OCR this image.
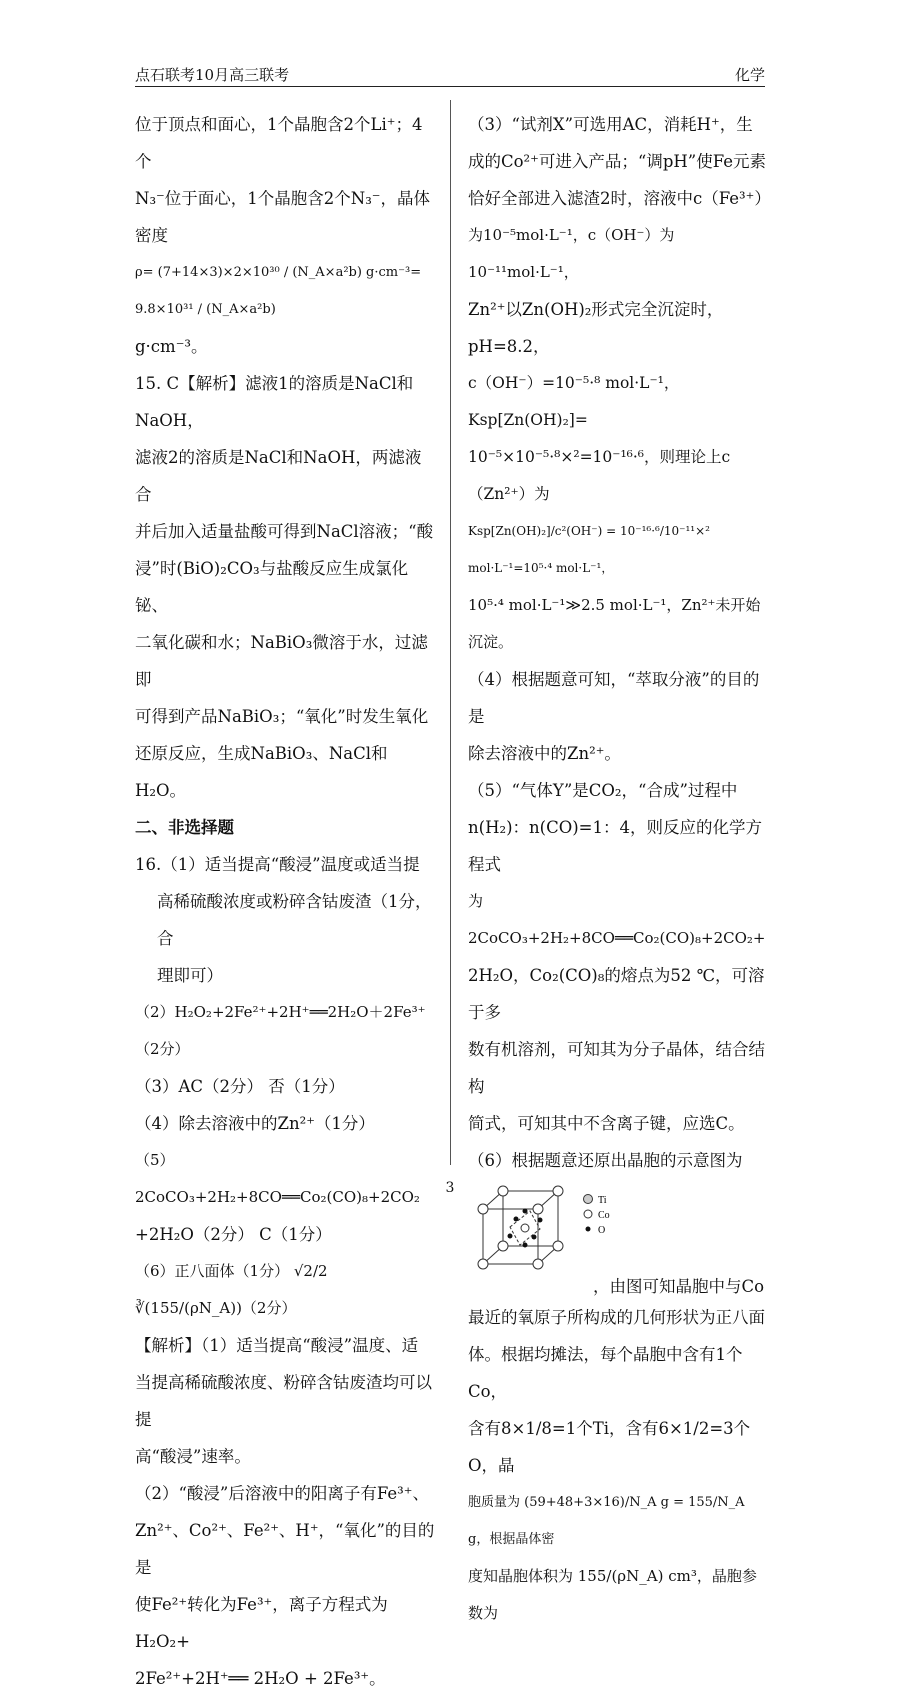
点石联考10月高三联考	化学

位于顶点和面心，1个晶胞含2个Li⁺；4个

N₃⁻位于面心，1个晶胞含2个N₃⁻，晶体密度

ρ= (7+14×3)×2×10³⁰ / (N_A×a²b) g·cm⁻³= 9.8×10³¹ / (N_A×a²b)

g·cm⁻³。

15. C【解析】滤液1的溶质是NaCl和NaOH，

滤液2的溶质是NaCl和NaOH，两滤液合

并后加入适量盐酸可得到NaCl溶液；“酸

浸”时(BiO)₂CO₃与盐酸反应生成氯化铋、

二氧化碳和水；NaBiO₃微溶于水，过滤即

可得到产品NaBiO₃；“氧化”时发生氧化

还原反应，生成NaBiO₃、NaCl和H₂O。

二、非选择题

16.（1）适当提高“酸浸”温度或适当提

高稀硫酸浓度或粉碎含钴废渣（1分，合

理即可）

（2）H₂O₂+2Fe²⁺+2H⁺══2H₂O＋2Fe³⁺（2分）

（3）AC（2分） 否（1分）

（4）除去溶液中的Zn²⁺（1分）

（5） 2CoCO₃+2H₂+8CO══Co₂(CO)₈+2CO₂

+2H₂O（2分） C（1分）

（6）正八面体（1分） √2/2 ∛(155/(ρN_A))（2分）

【解析】（1）适当提高“酸浸”温度、适

当提高稀硫酸浓度、粉碎含钴废渣均可以提

高“酸浸”速率。

（2）“酸浸”后溶液中的阳离子有Fe³⁺、

Zn²⁺、Co²⁺、Fe²⁺、H⁺，“氧化”的目的是

使Fe²⁺转化为Fe³⁺，离子方程式为H₂O₂+

2Fe²⁺+2H⁺══ 2H₂O + 2Fe³⁺。

（3）“试剂X”可选用AC，消耗H⁺，生

成的Co²⁺可进入产品；“调pH”使Fe元素

恰好全部进入滤渣2时，溶液中c（Fe³⁺）

为10⁻⁵mol·L⁻¹，c（OH⁻）为10⁻¹¹mol·L⁻¹，

Zn²⁺以Zn(OH)₂形式完全沉淀时，pH=8.2，

c（OH⁻）=10⁻⁵·⁸ mol·L⁻¹，Ksp[Zn(OH)₂]=

10⁻⁵×10⁻⁵·⁸×²=10⁻¹⁶·⁶，则理论上c（Zn²⁺）为

Ksp[Zn(OH)₂]/c²(OH⁻) = 10⁻¹⁶·⁶/10⁻¹¹×² mol·L⁻¹=10⁵·⁴ mol·L⁻¹，

10⁵·⁴ mol·L⁻¹≫2.5 mol·L⁻¹，Zn²⁺未开始沉淀。

（4）根据题意可知，“萃取分液”的目的是

除去溶液中的Zn²⁺。

（5）“气体Y”是CO₂，“合成”过程中

n(H₂)：n(CO)=1：4，则反应的化学方程式

为 2CoCO₃+2H₂+8CO══Co₂(CO)₈+2CO₂+

2H₂O，Co₂(CO)₈的熔点为52 ℃，可溶于多

数有机溶剂，可知其为分子晶体，结合结构

简式，可知其中不含离子键，应选C。

（6）根据题意还原出晶胞的示意图为

Ti
Co
O
，由图可知晶胞中与Co

最近的氧原子所构成的几何形状为正八面

体。根据均摊法，每个晶胞中含有1个Co，

含有8×1/8=1个Ti，含有6×1/2=3个O，晶

胞质量为 (59+48+3×16)/N_A g = 155/N_A g，根据晶体密

度知晶胞体积为 155/(ρN_A) cm³，晶胞参数为

3
